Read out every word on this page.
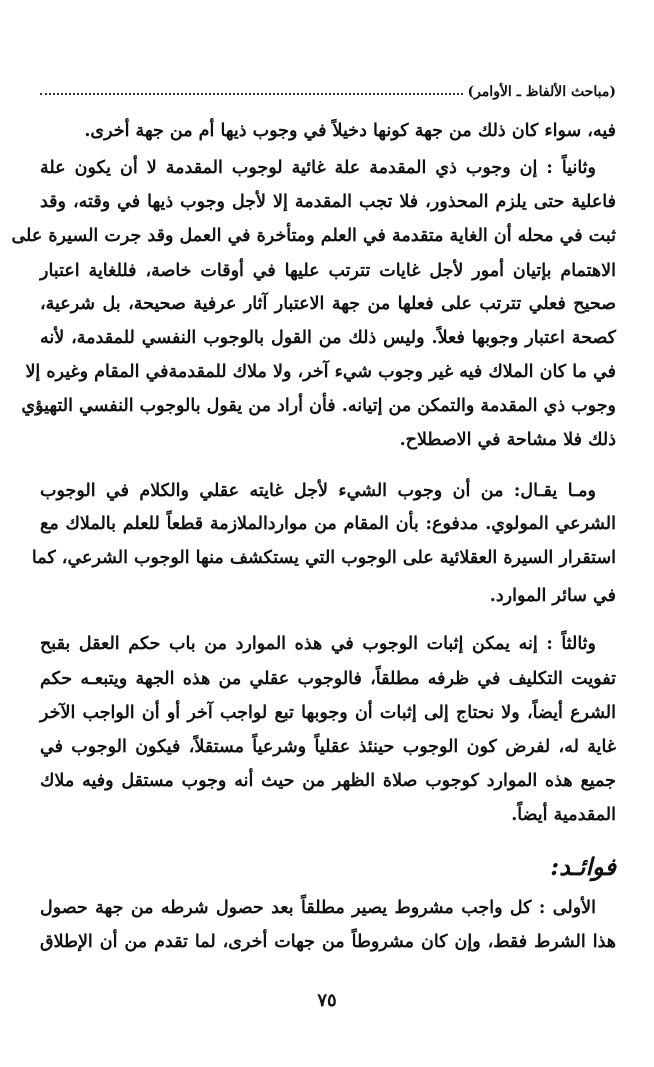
(مباحث الألفاظ ـ الأوامر)
فيه، سواء كان ذلك من جهة كونها دخيلاً في وجوب ذيها أم من جهة أخرى.
وثانياً : إن وجوب ذي المقدمة علة غائية لوجوب المقدمة لا أن يكون علة
فاعلية حتى يلزم المحذور، فلا تجب المقدمة إلا لأجل وجوب ذيها في وقته، وقد
ثبت في محله أن الغاية متقدمة في العلم ومتأخرة في العمل وقد جرت السيرة على
الاهتمام بإتيان أمور لأجل غايات تترتب عليها في أوقات خاصة، فللغاية اعتبار
صحيح فعلي تترتب على فعلها من جهة الاعتبار آثار عرفية صحيحة، بل شرعية،
كصحة اعتبار وجوبها فعلاً. وليس ذلك من القول بالوجوب النفسي للمقدمة، لأنه
في ما كان الملاك فيه غير وجوب شيء آخر، ولا ملاك للمقدمةفي المقام وغيره إلا
وجوب ذي المقدمة والتمكن من إتيانه. فأن أراد من يقول بالوجوب النفسي التهيؤي
ذلك فلا مشاحة في الاصطلاح.
ومـا يقـال: من أن وجوب الشيء لأجل غايته عقلي والكلام في الوجوب
الشرعي المولوي. مدفوع: بأن المقام من مواردالملازمة قطعاً للعلم بالملاك مع
استقرار السيرة العقلائية على الوجوب التي يستكشف منها الوجوب الشرعي، كما
في سائر الموارد.
وثالثاً : إنه يمكن إثبات الوجوب في هذه الموارد من باب حكم العقل بقبح
تفويت التكليف في ظرفه مطلقاً، فالوجوب عقلي من هذه الجهة ويتبعـه حكم
الشرع أيضاً، ولا نحتاج إلى إثبات أن وجوبها تبع لواجب آخر أو أن الواجب الآخر
غاية له، لفرض كون الوجوب حينئذ عقلياً وشرعياً مستقلاً، فيكون الوجوب في
جميع هذه الموارد كوجوب صلاة الظهر من حيث أنه وجوب مستقل وفيه ملاك
المقدمية أيضاً.
الأولى : كل واجب مشروط يصير مطلقاً بعد حصول شرطه من جهة حصول
هذا الشرط فقط، وإن كان مشروطاً من جهات أخرى، لما تقدم من أن الإطلاق
فوائـد:
٧٥
